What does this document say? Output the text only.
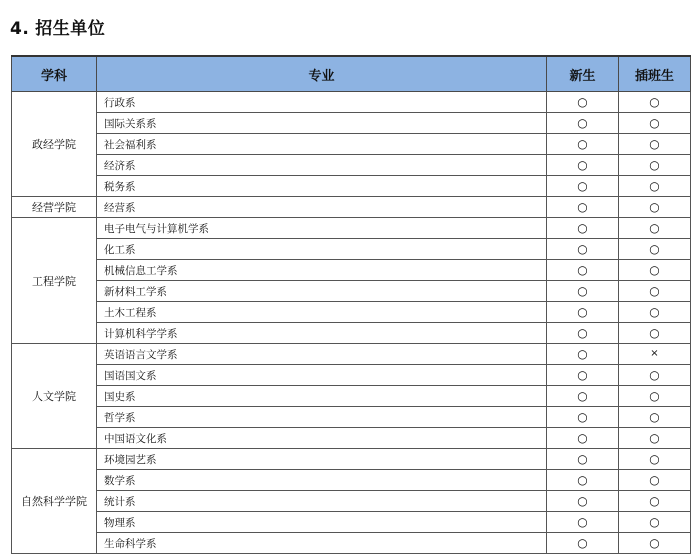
4. 招生单位
学科	专业	新生	插班生
政经学院	行政系	○	○
	国际关系系	○	○
	社会福利系	○	○
	经济系	○	○
	税务系	○	○
经营学院	经营系	○	○
工程学院	电子电气与计算机学系	○	○
	化工系	○	○
	机械信息工学系	○	○
	新材料工学系	○	○
	土木工程系	○	○
	计算机科学学系	○	○
人文学院	英语语言文学系	○	×
	国语国文系	○	○
	国史系	○	○
	哲学系	○	○
	中国语文化系	○	○
自然科学学院	环境园艺系	○	○
	数学系	○	○
	统计系	○	○
	物理系	○	○
	生命科学系	○	○
